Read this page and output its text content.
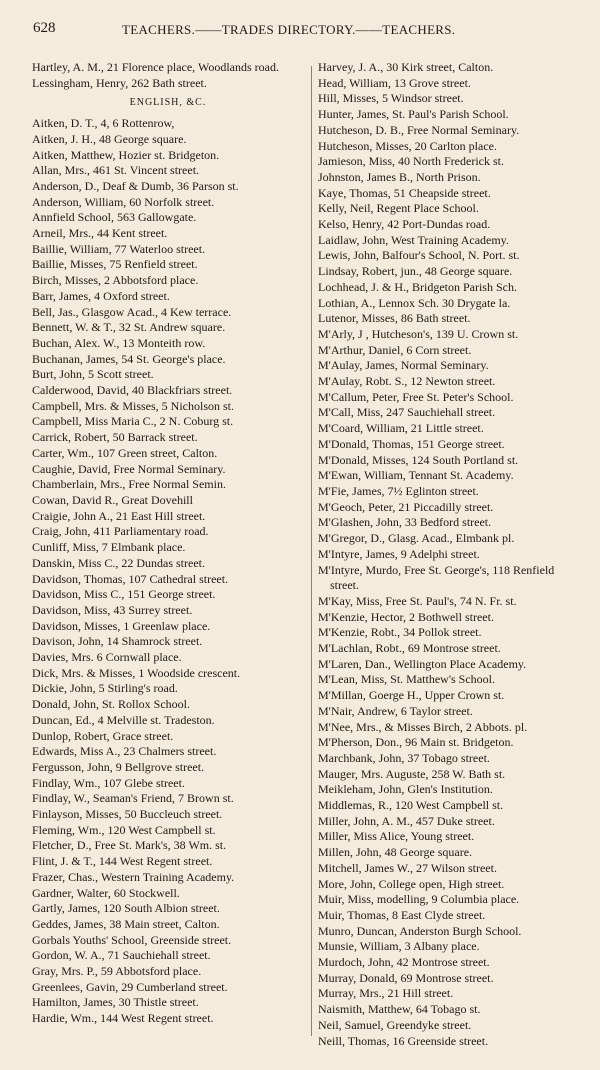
628	TEACHERS.——TRADES DIRECTORY.——TEACHERS.
Hartley, A. M., 21 Florence place, Woodlands road.
Lessingham, Henry, 262 Bath street.
ENGLISH, &C.
Aitken, D. T., 4, 6 Rottenrow,
Aitken, J. H., 48 George square.
Aitken, Matthew, Hozier st. Bridgeton.
Allan, Mrs., 461 St. Vincent street.
Anderson, D., Deaf & Dumb, 36 Parson st.
Anderson, William, 60 Norfolk street.
Annfield School, 563 Gallowgate.
Arneil, Mrs., 44 Kent street.
Baillie, William, 77 Waterloo street.
Baillie, Misses, 75 Renfield street.
Birch, Misses, 2 Abbotsford place.
Barr, James, 4 Oxford street.
Bell, Jas., Glasgow Acad., 4 Kew terrace.
Bennett, W. & T., 32 St. Andrew square.
Buchan, Alex. W., 13 Monteith row.
Buchanan, James, 54 St. George's place.
Burt, John, 5 Scott street.
Calderwood, David, 40 Blackfriars street.
Campbell, Mrs. & Misses, 5 Nicholson st.
Campbell, Miss Maria C., 2 N. Coburg st.
Carrick, Robert, 50 Barrack street.
Carter, Wm., 107 Green street, Calton.
Caughie, David, Free Normal Seminary.
Chamberlain, Mrs., Free Normal Semin.
Cowan, David R., Great Dovehill
Craigie, John A., 21 East Hill street.
Craig, John, 411 Parliamentary road.
Cunliff, Miss, 7 Elmbank place.
Danskin, Miss C., 22 Dundas street.
Davidson, Thomas, 107 Cathedral street.
Davidson, Miss C., 151 George street.
Davidson, Miss, 43 Surrey street.
Davidson, Misses, 1 Greenlaw place.
Davison, John, 14 Shamrock street.
Davies, Mrs. 6 Cornwall place.
Dick, Mrs. & Misses, 1 Woodside crescent.
Dickie, John, 5 Stirling's road.
Donald, John, St. Rollox School.
Duncan, Ed., 4 Melville st. Tradeston.
Dunlop, Robert, Grace street.
Edwards, Miss A., 23 Chalmers street.
Fergusson, John, 9 Bellgrove street.
Findlay, Wm., 107 Glebe street.
Findlay, W., Seaman's Friend, 7 Brown st.
Finlayson, Misses, 50 Buccleuch street.
Fleming, Wm., 120 West Campbell st.
Fletcher, D., Free St. Mark's, 38 Wm. st.
Flint, J. & T., 144 West Regent street.
Frazer, Chas., Western Training Academy.
Gardner, Walter, 60 Stockwell.
Gartly, James, 120 South Albion street.
Geddes, James, 38 Main street, Calton.
Gorbals Youths' School, Greenside street.
Gordon, W. A., 71 Sauchiehall street.
Gray, Mrs. P., 59 Abbotsford place.
Greenlees, Gavin, 29 Cumberland street.
Hamilton, James, 30 Thistle street.
Hardie, Wm., 144 West Regent street.
Harvey, J. A., 30 Kirk street, Calton.
Head, William, 13 Grove street.
Hill, Misses, 5 Windsor street.
Hunter, James, St. Paul's Parish School.
Hutcheson, D. B., Free Normal Seminary.
Hutcheson, Misses, 20 Carlton place.
Jamieson, Miss, 40 North Frederick st.
Johnston, James B., North Prison.
Kaye, Thomas, 51 Cheapside street.
Kelly, Neil, Regent Place School.
Kelso, Henry, 42 Port-Dundas road.
Laidlaw, John, West Training Academy.
Lewis, John, Balfour's School, N. Port. st.
Lindsay, Robert, jun., 48 George square.
Lochhead, J. & H., Bridgeton Parish Sch.
Lothian, A., Lennox Sch. 30 Drygate la.
Lutenor, Misses, 86 Bath street.
M'Arly, J , Hutcheson's, 139 U. Crown st.
M'Arthur, Daniel, 6 Corn street.
M'Aulay, James, Normal Seminary.
M'Aulay, Robt. S., 12 Newton street.
M'Callum, Peter, Free St. Peter's School.
M'Call, Miss, 247 Sauchiehall street.
M'Coard, William, 21 Little street.
M'Donald, Thomas, 151 George street.
M'Donald, Misses, 124 South Portland st.
M'Ewan, William, Tennant St. Academy.
M'Fie, James, 7½ Eglinton street.
M'Geoch, Peter, 21 Piccadilly street.
M'Glashen, John, 33 Bedford street.
M'Gregor, D., Glasg. Acad., Elmbank pl.
M'Intyre, James, 9 Adelphi street.
M'Intyre, Murdo, Free St. George's, 118 Renfield street.
M'Kay, Miss, Free St. Paul's, 74 N. Fr. st.
M'Kenzie, Hector, 2 Bothwell street.
M'Kenzie, Robt., 34 Pollok street.
M'Lachlan, Robt., 69 Montrose street.
M'Laren, Dan., Wellington Place Academy.
M'Lean, Miss, St. Matthew's School.
M'Millan, Goerge H., Upper Crown st.
M'Nair, Andrew, 6 Taylor street.
M'Nee, Mrs., & Misses Birch, 2 Abbots. pl.
M'Pherson, Don., 96 Main st. Bridgeton.
Marchbank, John, 37 Tobago street.
Mauger, Mrs. Auguste, 258 W. Bath st.
Meikleham, John, Glen's Institution.
Middlemas, R., 120 West Campbell st.
Miller, John, A. M., 457 Duke street.
Miller, Miss Alice, Young street.
Millen, John, 48 George square.
Mitchell, James W., 27 Wilson street.
More, John, College open, High street.
Muir, Miss, modelling, 9 Columbia place.
Muir, Thomas, 8 East Clyde street.
Munro, Duncan, Anderston Burgh School.
Munsie, William, 3 Albany place.
Murdoch, John, 42 Montrose street.
Murray, Donald, 69 Montrose street.
Murray, Mrs., 21 Hill street.
Naismith, Matthew, 64 Tobago st.
Neil, Samuel, Greendyke street.
Neill, Thomas, 16 Greenside street.
